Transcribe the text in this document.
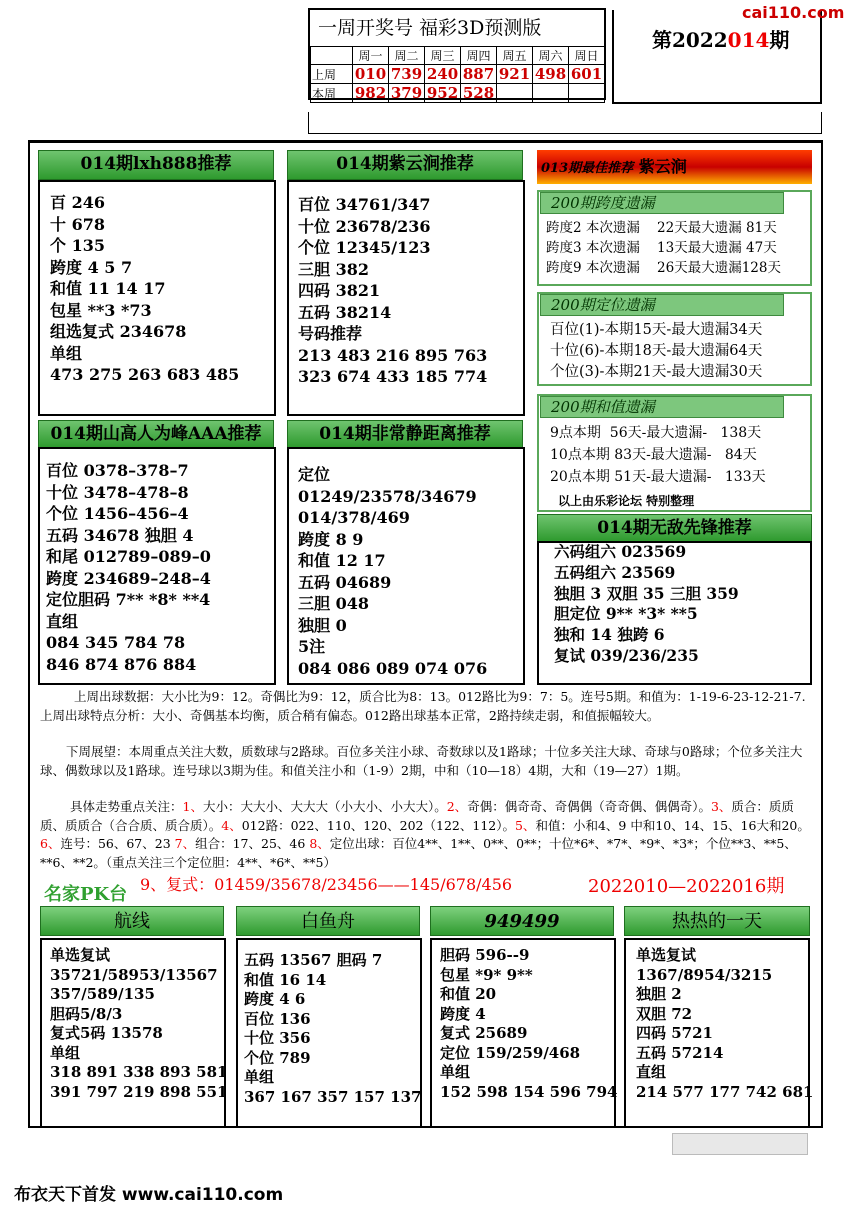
一周开奖号 福彩3D预测版
	周一	周二	周三	周四	周五	周六	周日
上周	010	739	240	887	921	498	601
本周	982	379	952	528			
第2022014期
cai110.com
014期lxh888推荐
百 246
十 678
个 135
跨度 4 5 7
和值 11 14 17
包星 **3 *73
组选复式 234678
单组
473 275 263 683 485
014期紫云涧推荐
百位 34761/347
十位 23678/236
个位 12345/123
三胆 382
四码 3821
五码 38214
号码推荐
213 483 216 895 763
323 674 433 185 774
014期山高人为峰AAA推荐
百位 0378–378–7
十位 3478–478–8
个位 1456–456–4
五码 34678 独胆 4
和尾 012789–089–0
跨度 234689–248–4
定位胆码 7** *8* **4
直组
084 345 784 78
846 874 876 884
014期非常静距离推荐
定位
01249/23578/34679
014/378/469
跨度 8 9
和值 12 17
五码 04689
三胆 048
独胆 0
5注
084 086 089 074 076
013期最佳推荐 紫云涧
200期跨度遗漏
跨度2 本次遗漏    22天最大遗漏 81天
跨度3 本次遗漏    13天最大遗漏 47天
跨度9 本次遗漏    26天最大遗漏128天
200期定位遗漏
百位(1)-本期15天-最大遗漏34天
十位(6)-本期18天-最大遗漏64天
个位(3)-本期21天-最大遗漏30天
200期和值遗漏
9点本期  56天-最大遗漏-   138天
10点本期 83天-最大遗漏-   84天
20点本期 51天-最大遗漏-   133天
以上由乐彩论坛 特别整理
014期无敌先锋推荐
六码组六 023569
五码组六 23569
独胆 3 双胆 35 三胆 359
胆定位 9** *3* **5
独和 14 独跨 6
复试 039/236/235
上周出球数据：大小比为9：12。奇偶比为9：12，质合比为8：13。012路比为9：7：5。连号5期。和值为：1-19-6-23-12-21-7.上周出球特点分析：大小、奇偶基本均衡，质合稍有偏态。012路出球基本正常，2路持续走弱，和值振幅较大。
下周展望：本周重点关注大数，质数球与2路球。百位多关注小球、奇数球以及1路球；十位多关注大球、奇球与0路球；个位多关注大球、偶数球以及1路球。连号球以3期为佳。和值关注小和（1-9）2期，中和（10—18）4期，大和（19—27）1期。
具体走势重点关注：1、大小：大大小、大大大（小大小、小大大）。2、奇偶：偶奇奇、奇偶偶（奇奇偶、偶偶奇）。3、质合：质质质、质质合（合合质、质合质）。4、012路：022、110、120、202（122、112）。5、和值：小和4、9 中和10、14、15、16大和20。6、连号：56、67、23 7、组合：17、25、46 8、定位出球：百位4**、1**、0**、0**；十位*6*、*7*、*9*、*3*；个位**3、**5、**6、**2。（重点关注三个定位胆：4**、*6*、**5）
名家PK台 9、复式：01459/35678/23456——145/678/456	2022010—2022016期
航线
单选复试
35721/58953/13567
357/589/135
胆码5/8/3
复式5码 13578
单组
318 891 338 893 581
391 797 219 898 551
白鱼舟
五码 13567 胆码 7
和值 16 14
跨度 4 6
百位 136
十位 356
个位 789
单组
367 167 357 157 137
949499
胆码 596--9
包星 *9* 9**
和值 20
跨度 4
复式 25689
定位 159/259/468
单组
152 598 154 596 794
热热的一天
单选复试
1367/8954/3215
独胆 2
双胆 72
四码 5721
五码 57214
直组
214 577 177 742 681
布衣天下首发 www.cai110.com
